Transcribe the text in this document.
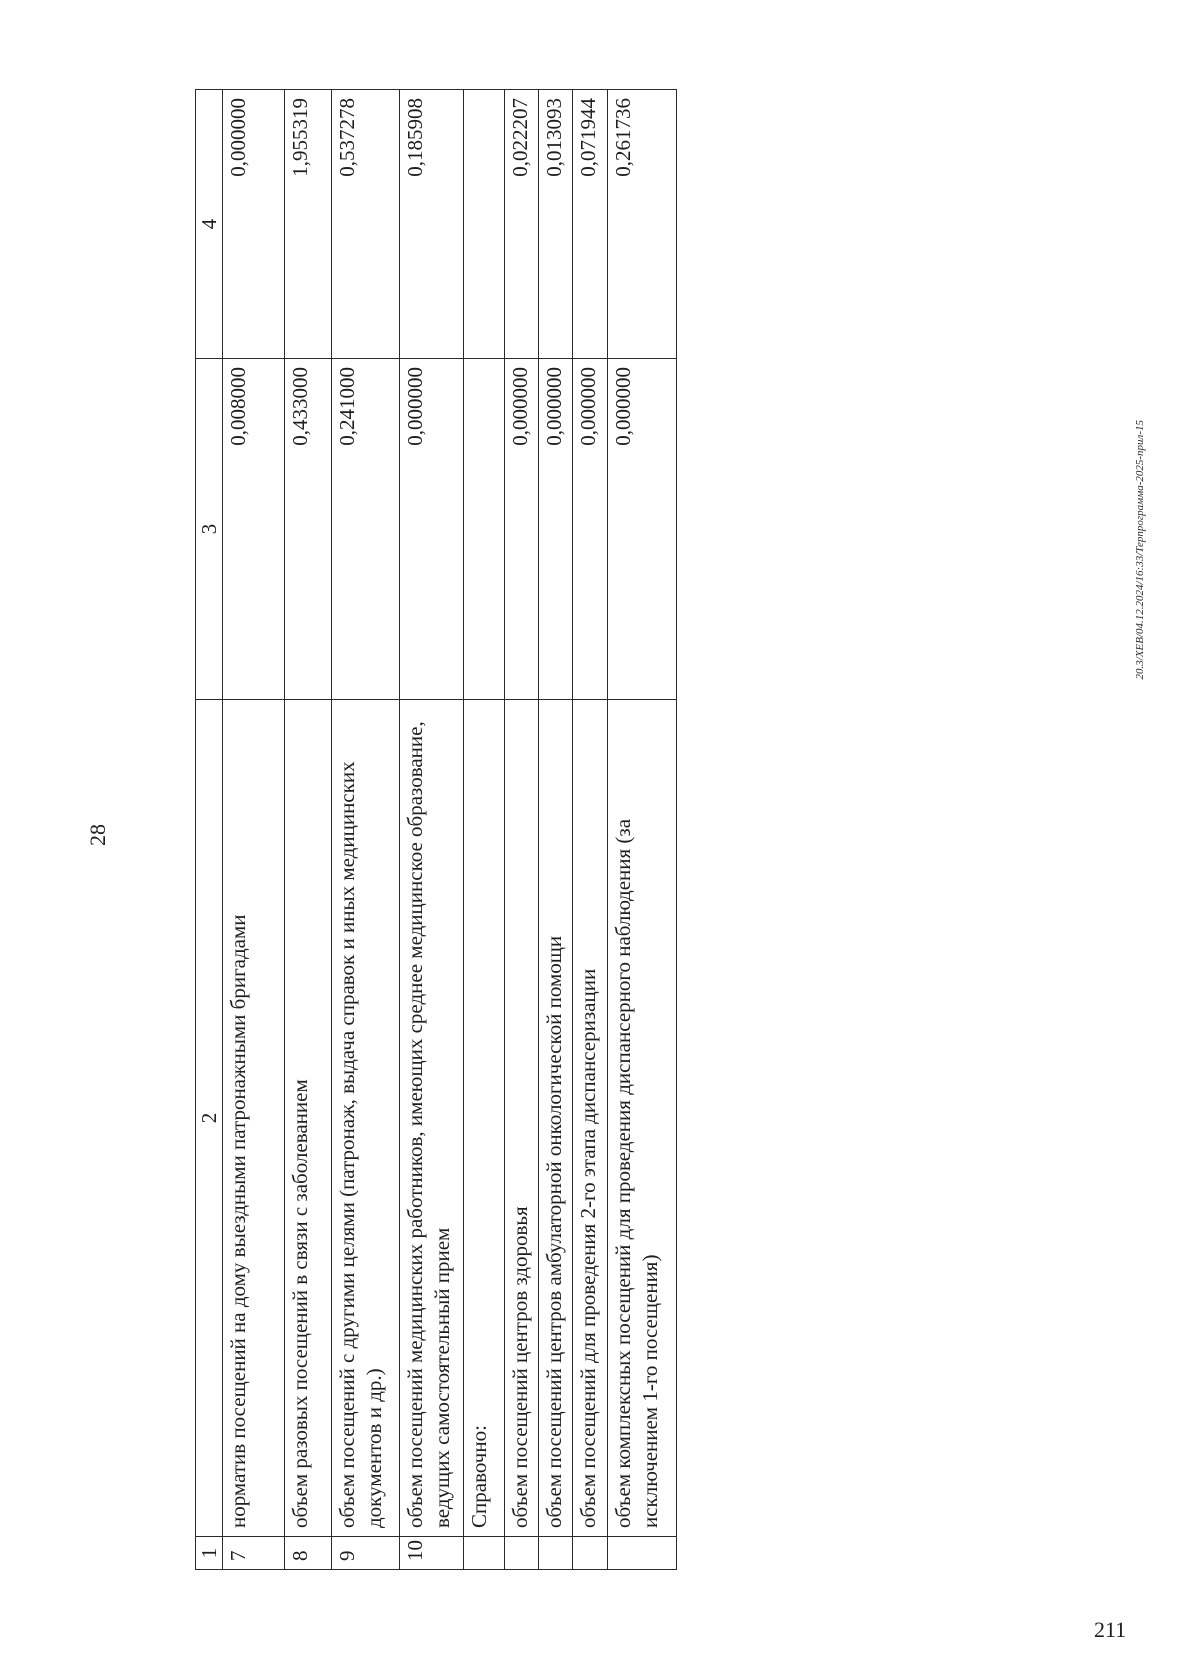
28
20.3/ХЕВ/04.12.2024/16:33/Терпрограмма-2025-прил-15
211
1	2	3	4
7	норматив посещений на дому выездными патронажными бригадами	0,008000	0,000000
8	объем разовых посещений в связи с заболеванием	0,433000	1,955319
9	объем посещений с другими целями (патронаж, выдача справок и иных медицинских документов и др.)	0,241000	0,537278
10	объем посещений медицинских работников, имеющих среднее медицинское образование, ведущих самостоятельный прием	0,000000	0,185908
	Справочно:		
	объем посещений центров здоровья	0,000000	0,022207
	объем посещений центров амбулаторной онкологической помощи	0,000000	0,013093
	объем посещений для проведения 2-го этапа диспансеризации	0,000000	0,071944
	объем комплексных посещений для проведения диспансерного наблюдения (за исключением 1-го посещения)	0,000000	0,261736
